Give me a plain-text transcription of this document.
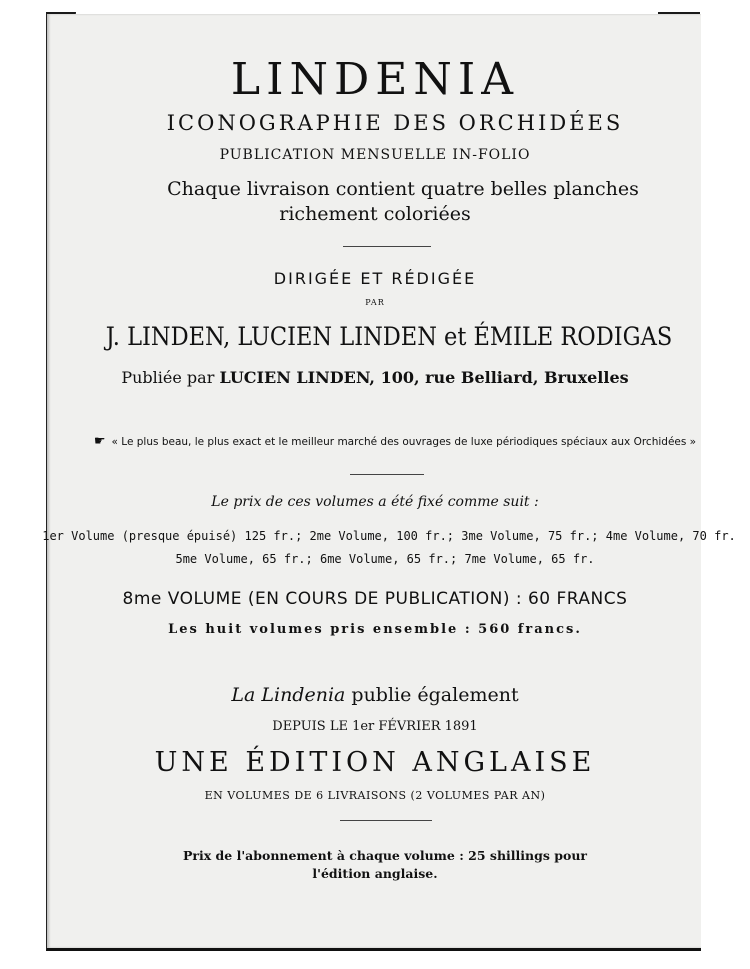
LINDENIA
ICONOGRAPHIE DES ORCHIDÉES
PUBLICATION MENSUELLE IN-FOLIO
Chaque livraison contient quatre belles planches
richement coloriées
DIRIGÉE ET RÉDIGÉE
PAR
J. LINDEN, LUCIEN LINDEN et ÉMILE RODIGAS
Publiée par LUCIEN LINDEN, 100, rue Belliard, Bruxelles
☛ « Le plus beau, le plus exact et le meilleur marché des ouvrages de luxe périodiques spéciaux aux Orchidées »
Le prix de ces volumes a été fixé comme suit :
1er Volume (presque épuisé) 125 fr.; 2me Volume, 100 fr.; 3me Volume, 75 fr.; 4me Volume, 70 fr.
5me Volume, 65 fr.; 6me Volume, 65 fr.; 7me Volume, 65 fr.
8me VOLUME (EN COURS DE PUBLICATION) : 60 FRANCS
Les huit volumes pris ensemble : 560 francs.
La Lindenia publie également
DEPUIS LE 1er FÉVRIER 1891
UNE ÉDITION ANGLAISE
EN VOLUMES DE 6 LIVRAISONS (2 VOLUMES PAR AN)
Prix de l'abonnement à chaque volume : 25 shillings pour
l'édition anglaise.
